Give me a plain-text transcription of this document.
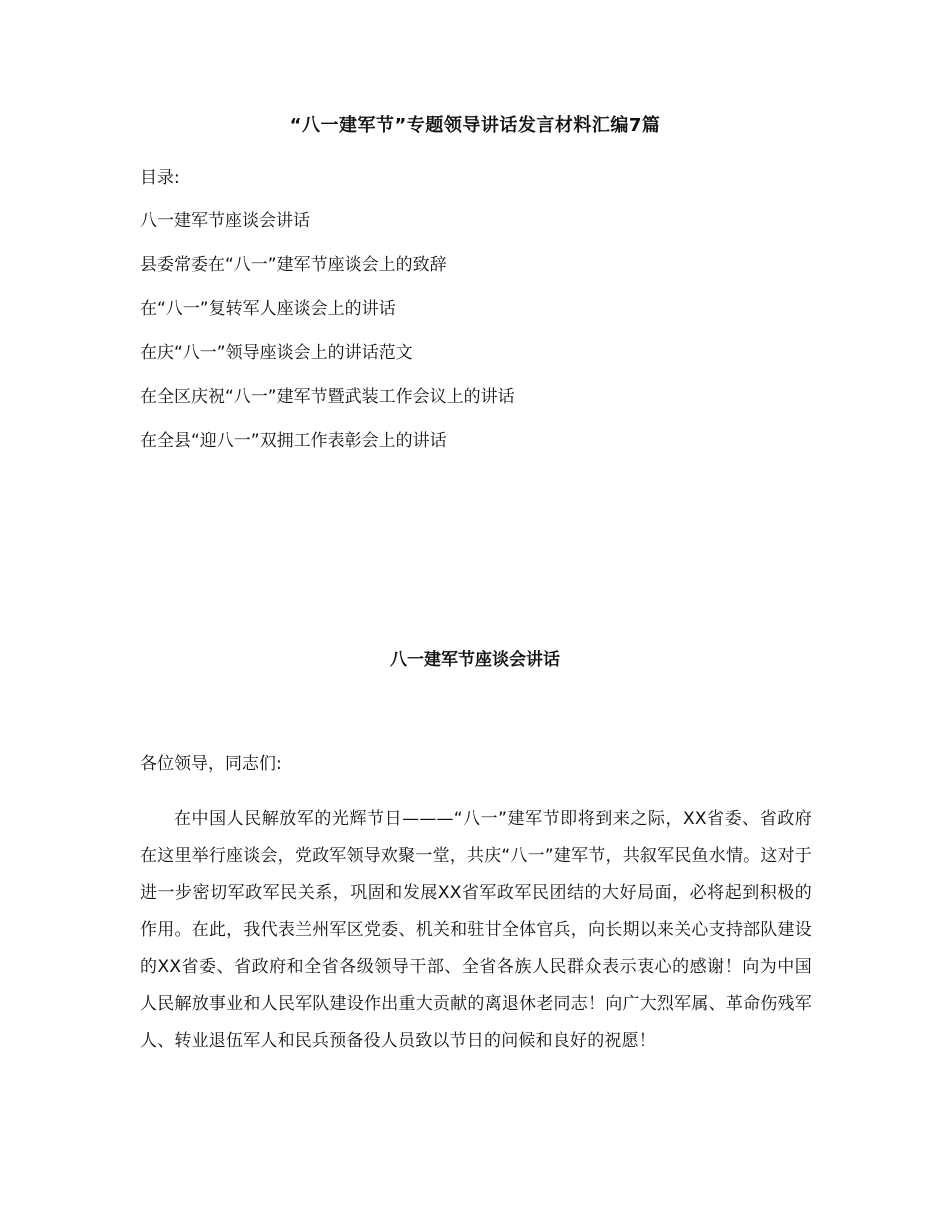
“八一建军节”专题领导讲话发言材料汇编7篇
目录:
八一建军节座谈会讲话
县委常委在“八一”建军节座谈会上的致辞
在“八一”复转军人座谈会上的讲话
在庆“八一”领导座谈会上的讲话范文
在全区庆祝“八一”建军节暨武装工作会议上的讲话
在全县“迎八一”双拥工作表彰会上的讲话
八一建军节座谈会讲话
各位领导，同志们:

在中国人民解放军的光辉节日———“八一”建军节即将到来之际，XX省委、省政府在这里举行座谈会，党政军领导欢聚一堂，共庆“八一”建军节，共叙军民鱼水情。这对于进一步密切军政军民关系，巩固和发展XX省军政军民团结的大好局面，必将起到积极的作用。在此，我代表兰州军区党委、机关和驻甘全体官兵，向长期以来关心支持部队建设的XX省委、省政府和全省各级领导干部、全省各族人民群众表示衷心的感谢！向为中国人民解放事业和人民军队建设作出重大贡献的离退休老同志！向广大烈军属、革命伤残军人、转业退伍军人和民兵预备役人员致以节日的问候和良好的祝愿！
